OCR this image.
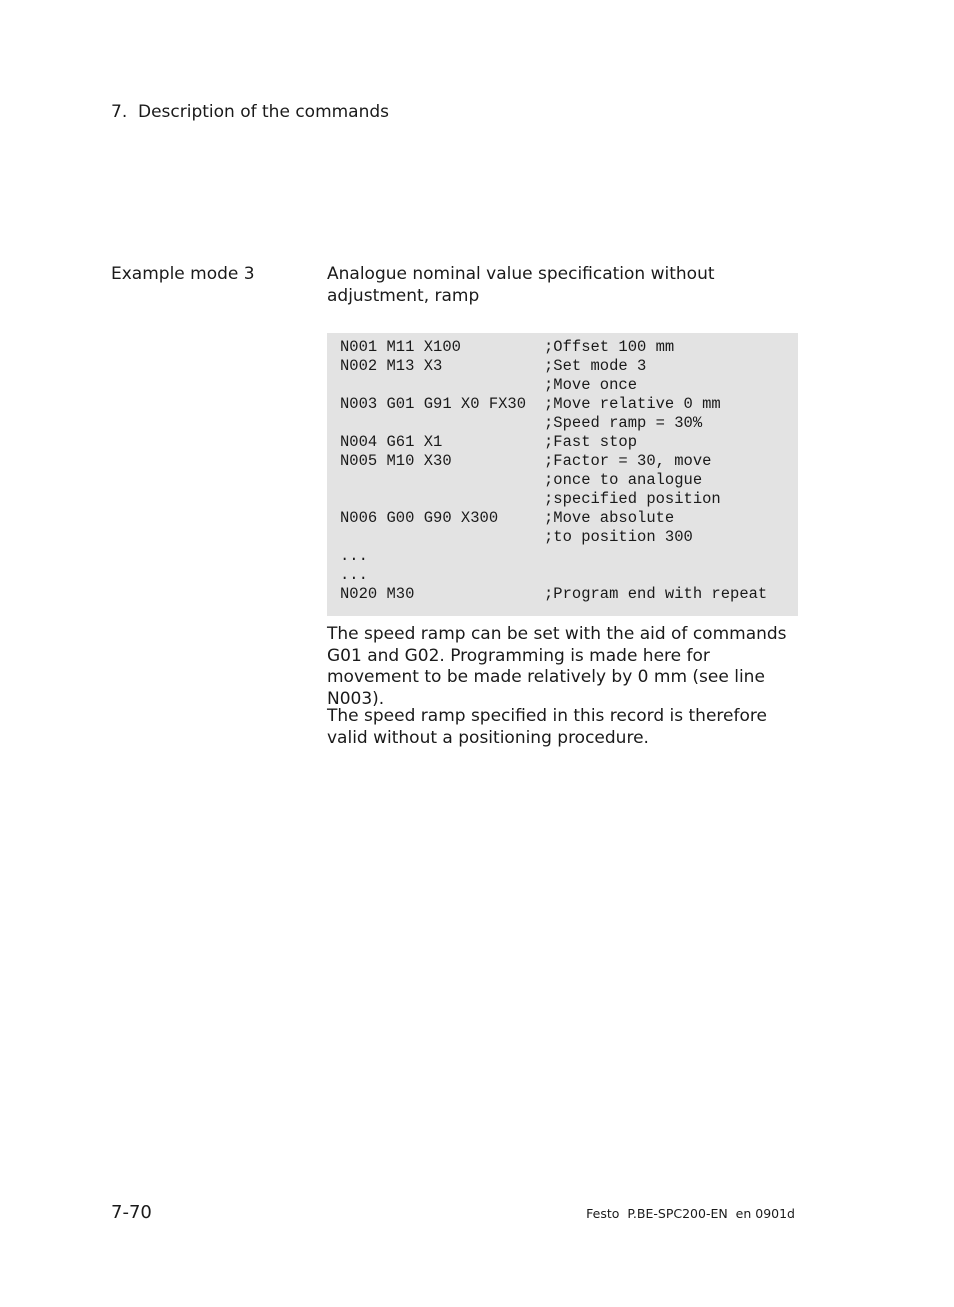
7. Description of the commands
Example mode 3	Analogue nominal value specification without adjustment, ramp
N001 M11 X100	;Offset 100 mm
N002 M13 X3	;Set mode 3
;Move once
N003 G01 G91 X0 FX30	;Move relative 0 mm
;Speed ramp = 30%
N004 G61 X1	;Fast stop
N005 M10 X30	;Factor = 30, move
;once to analogue
;specified position
N006 G00 G90 X300	;Move absolute
;to position 300
...
...
N020 M30	;Program end with repeat
The speed ramp can be set with the aid of commands G01 and G02. Programming is made here for movement to be made relatively by 0 mm (see line N003).
The speed ramp specified in this record is therefore valid without a positioning procedure.
7-70	Festo  P.BE-SPC200-EN  en 0901d
